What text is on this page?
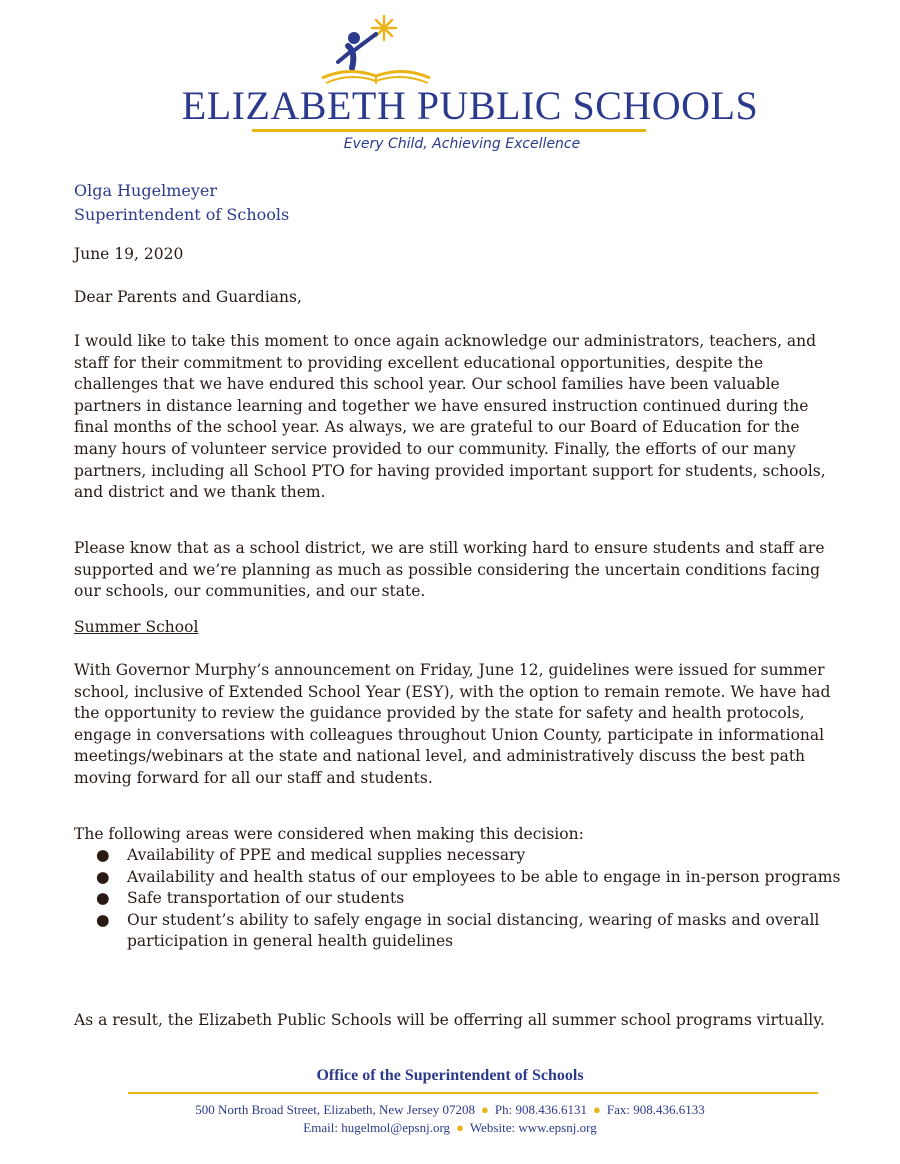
ELIZABETH PUBLIC SCHOOLS
Every Child, Achieving Excellence
Olga Hugelmeyer
Superintendent of Schools

June 19, 2020

Dear Parents and Guardians,

I would like to take this moment to once again acknowledge our administrators, teachers, and staff for their commitment to providing excellent educational opportunities, despite the challenges that we have endured this school year. Our school families have been valuable partners in distance learning and together we have ensured instruction continued during the final months of the school year. As always, we are grateful to our Board of Education for the many hours of volunteer service provided to our community. Finally, the efforts of our many partners, including all School PTO for having provided important support for students, schools, and district and we thank them.

Please know that as a school district, we are still working hard to ensure students and staff are supported and we’re planning as much as possible considering the uncertain conditions facing our schools, our communities, and our state.

Summer School

With Governor Murphy’s announcement on Friday, June 12, guidelines were issued for summer school, inclusive of Extended School Year (ESY), with the option to remain remote. We have had the opportunity to review the guidance provided by the state for safety and health protocols, engage in conversations with colleagues throughout Union County, participate in informational meetings/webinars at the state and national level, and administratively discuss the best path moving forward for all our staff and students.

The following areas were considered when making this decision:

● Availability of PPE and medical supplies necessary
● Availability and health status of our employees to be able to engage in in-person programs
● Safe transportation of our students
● Our student’s ability to safely engage in social distancing, wearing of masks and overall participation in general health guidelines

As a result, the Elizabeth Public Schools will be offerring all summer school programs virtually.

Office of the Superintendent of Schools
500 North Broad Street, Elizabeth, New Jersey 07208 ● Ph: 908.436.6131 ● Fax: 908.436.6133
Email: hugelmol@epsnj.org ● Website: www.epsnj.org
